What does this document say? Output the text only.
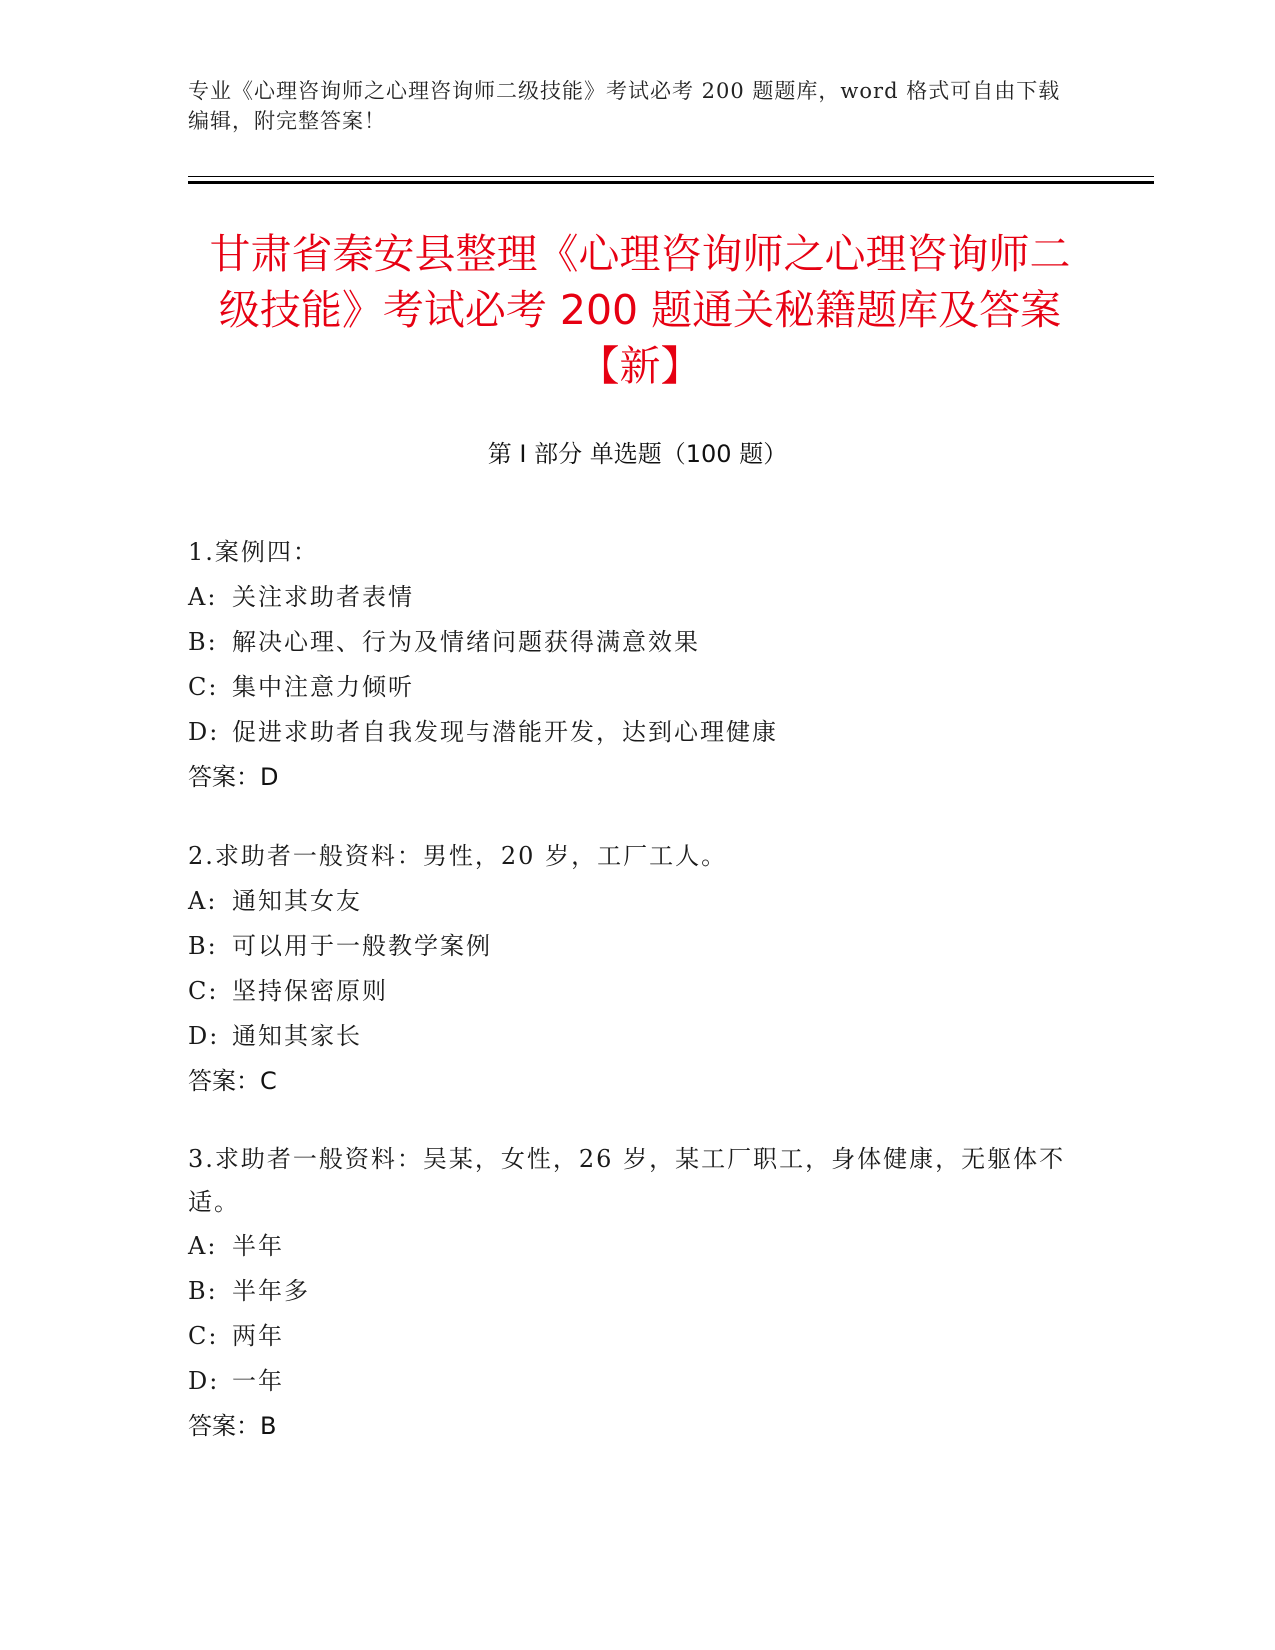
专业《心理咨询师之心理咨询师二级技能》考试必考 200 题题库，word 格式可自由下载编辑，附完整答案！
甘肃省秦安县整理《心理咨询师之心理咨询师二级技能》考试必考 200 题通关秘籍题库及答案【新】
第 I 部分 单选题（100 题）
1.案例四：
A: 关注求助者表情
B: 解决心理、行为及情绪问题获得满意效果
C: 集中注意力倾听
D: 促进求助者自我发现与潜能开发，达到心理健康
答案：D
2.求助者一般资料：男性，20 岁，工厂工人。
A: 通知其女友
B: 可以用于一般教学案例
C: 坚持保密原则
D: 通知其家长
答案：C
3.求助者一般资料：吴某，女性，26 岁，某工厂职工，身体健康，无躯体不适。
A: 半年
B: 半年多
C: 两年
D: 一年
答案：B
